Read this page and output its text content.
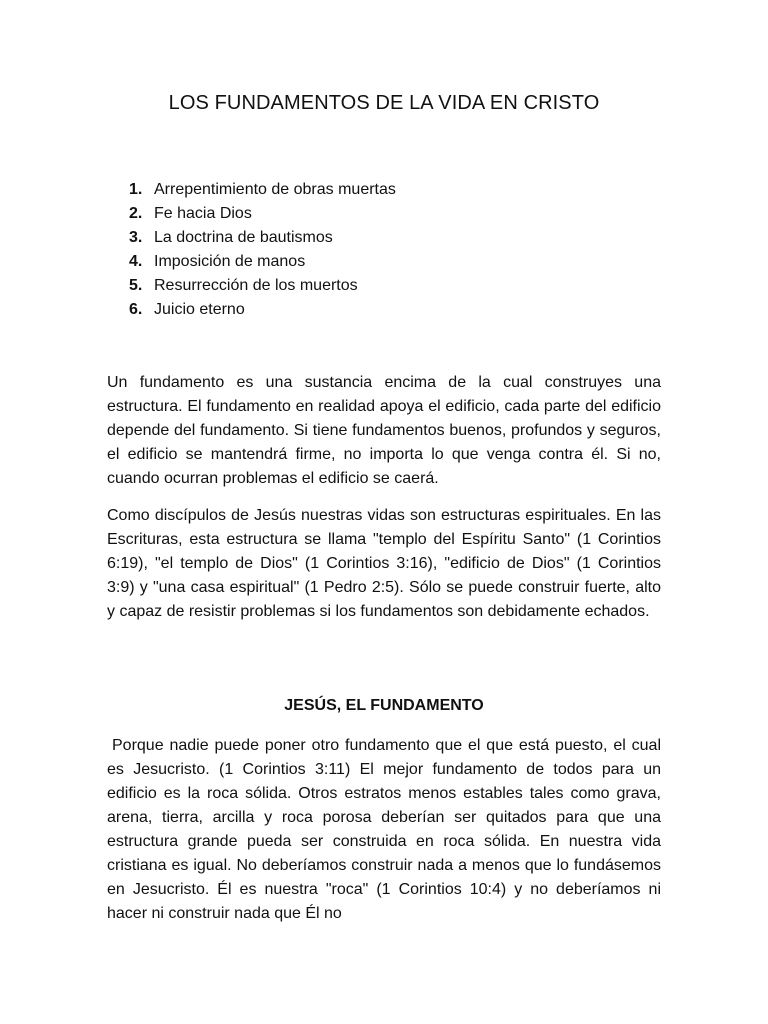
LOS FUNDAMENTOS DE LA VIDA EN CRISTO
1. Arrepentimiento de obras muertas
2. Fe hacia Dios
3. La doctrina de bautismos
4. Imposición de manos
5. Resurrección de los muertos
6. Juicio eterno

Un fundamento es una sustancia encima de la cual construyes una estructura. El fundamento en realidad apoya el edificio, cada parte del edificio depende del fundamento. Si tiene fundamentos buenos, profundos y seguros, el edificio se mantendrá firme, no importa lo que venga contra él. Si no, cuando ocurran problemas el edificio se caerá.

Como discípulos de Jesús nuestras vidas son estructuras espirituales. En las Escrituras, esta estructura se llama "templo del Espíritu Santo" (1 Corintios 6:19), "el templo de Dios" (1 Corintios 3:16), "edificio de Dios" (1 Corintios 3:9) y "una casa espiritual" (1 Pedro 2:5). Sólo se puede construir fuerte, alto y capaz de resistir problemas si los fundamentos son debidamente echados.

JESÚS, EL FUNDAMENTO

Porque nadie puede poner otro fundamento que el que está puesto, el cual es Jesucristo. (1 Corintios 3:11) El mejor fundamento de todos para un edificio es la roca sólida. Otros estratos menos estables tales como grava, arena, tierra, arcilla y roca porosa deberían ser quitados para que una estructura grande pueda ser construida en roca sólida. En nuestra vida cristiana es igual. No deberíamos construir nada a menos que lo fundásemos en Jesucristo. Él es nuestra "roca" (1 Corintios 10:4) y no deberíamos ni hacer ni construir nada que Él no
